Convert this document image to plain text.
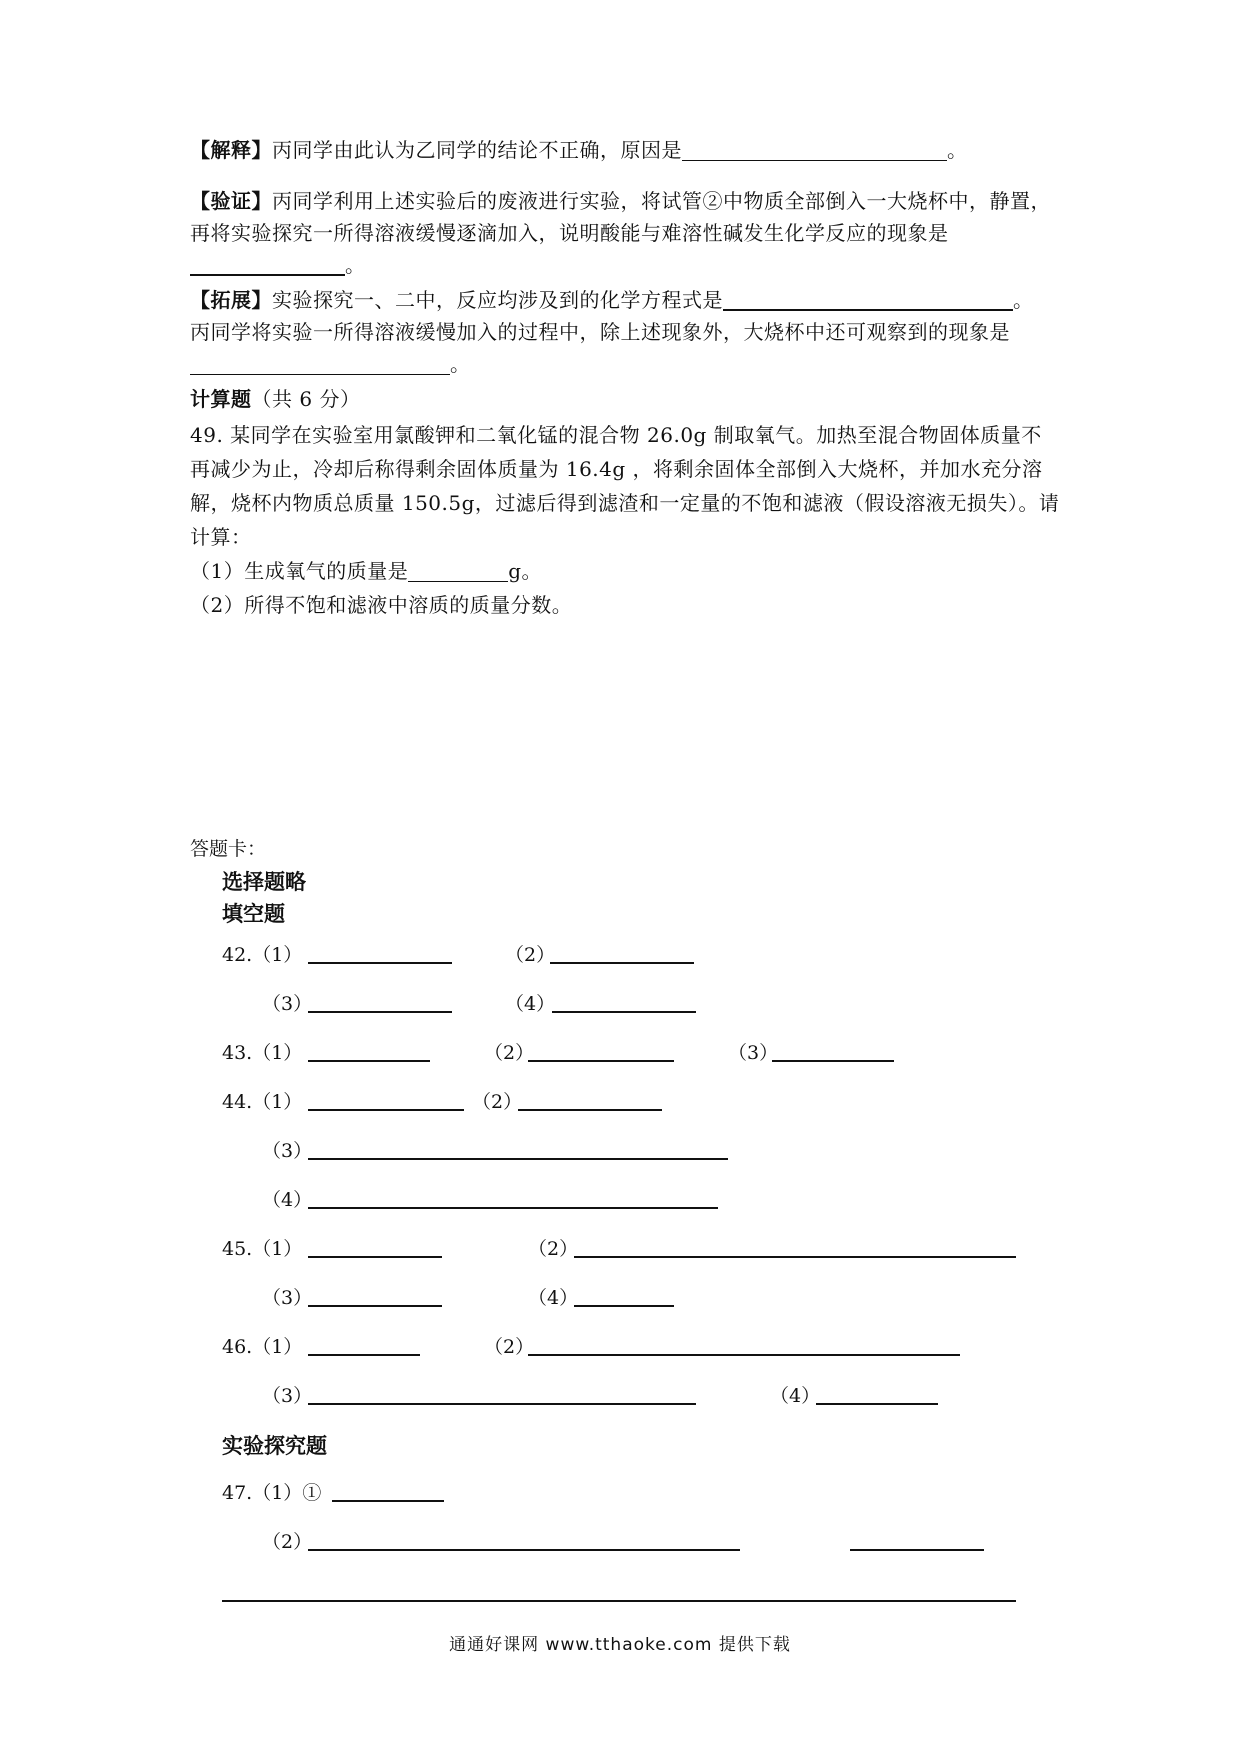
【解释】丙同学由此认为乙同学的结论不正确，原因是	。
【验证】丙同学利用上述实验后的废液进行实验，将试管②中物质全部倒入一大烧杯中，静置，再将实验探究一所得溶液缓慢逐滴加入，说明酸能与难溶性碱发生化学反应的现象是。
【拓展】实验探究一、二中，反应均涉及到的化学方程式是	。
丙同学将实验一所得溶液缓慢加入的过程中，除上述现象外，大烧杯中还可观察到的现象是。
计算题（共 6 分）
49. 某同学在实验室用氯酸钾和二氧化锰的混合物 26.0g 制取氧气。加热至混合物固体质量不再减少为止，冷却后称得剩余固体质量为 16.4g ，将剩余固体全部倒入大烧杯，并加水充分溶解，烧杯内物质总质量 150.5g，过滤后得到滤渣和一定量的不饱和滤液（假设溶液无损失）。请计算：
（1）生成氧气的质量是	g。
（2）所得不饱和滤液中溶质的质量分数。
答题卡：
选择题略
填空题
42.（1）	（2）
（3）	（4）
43.（1）	（2）	（3）
44.（1）	（2）
（3）
（4）
45.（1）	（2）
（3）	（4）
46.（1）	（2）
（3）	（4）
实验探究题
47.（1）①
（2）
通通好课网 www.tthaoke.com 提供下载
